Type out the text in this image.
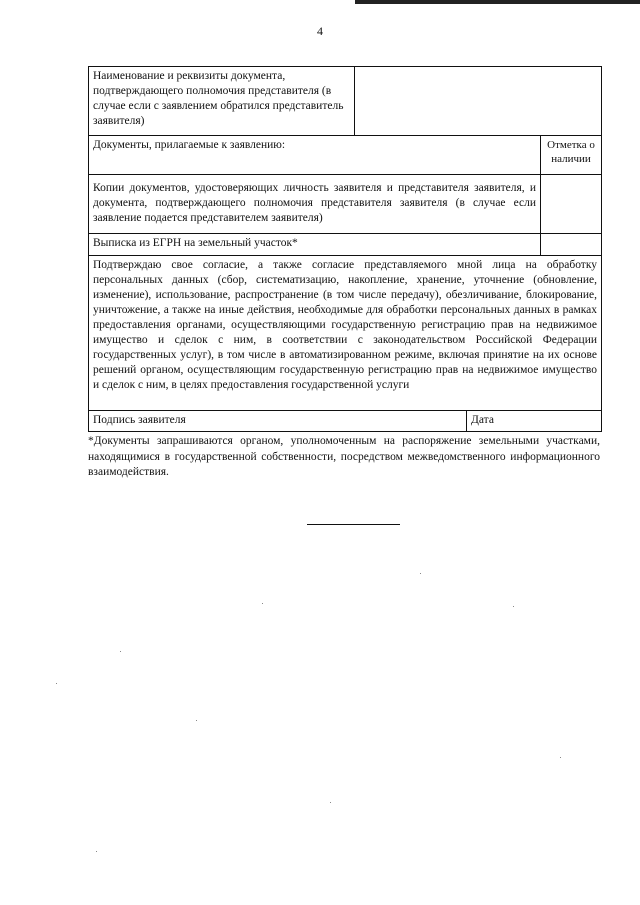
4
Наименование и реквизиты документа, подтверждающего полномочия представителя (в случае если с заявлением обратился представитель заявителя)			
Документы, прилагаемые к заявлению:			Отметка о наличии
Копии документов, удостоверяющих личность заявителя и представителя заявителя, и документа, подтверждающего полномочия представителя заявителя (в случае если заявление подается представителем заявителя)			
Выписка из ЕГРН на земельный участок*			
Подтверждаю свое согласие, а также согласие представляемого мной лица на обработку персональных данных (сбор, систематизацию, накопление, хранение, уточнение (обновление, изменение), использование, распространение (в том числе передачу), обезличивание, блокирование, уничтожение, а также на иные действия, необходимые для обработки персональных данных в рамках предоставления органами, осуществляющими государственную регистрацию прав на недвижимое имущество и сделок с ним, в соответствии с законодательством Российской Федерации государственных услуг), в том числе в автоматизированном режиме, включая принятие на их основе решений органом, осуществляющим государственную регистрацию прав на недвижимое имущество и сделок с ним, в целях предоставления государственной услуги			
Подпись заявителя		Дата	
*Документы запрашиваются органом, уполномоченным на распоряжение земельными участками, находящимися в государственной собственности, посредством межведомственного информационного взаимодействия.
